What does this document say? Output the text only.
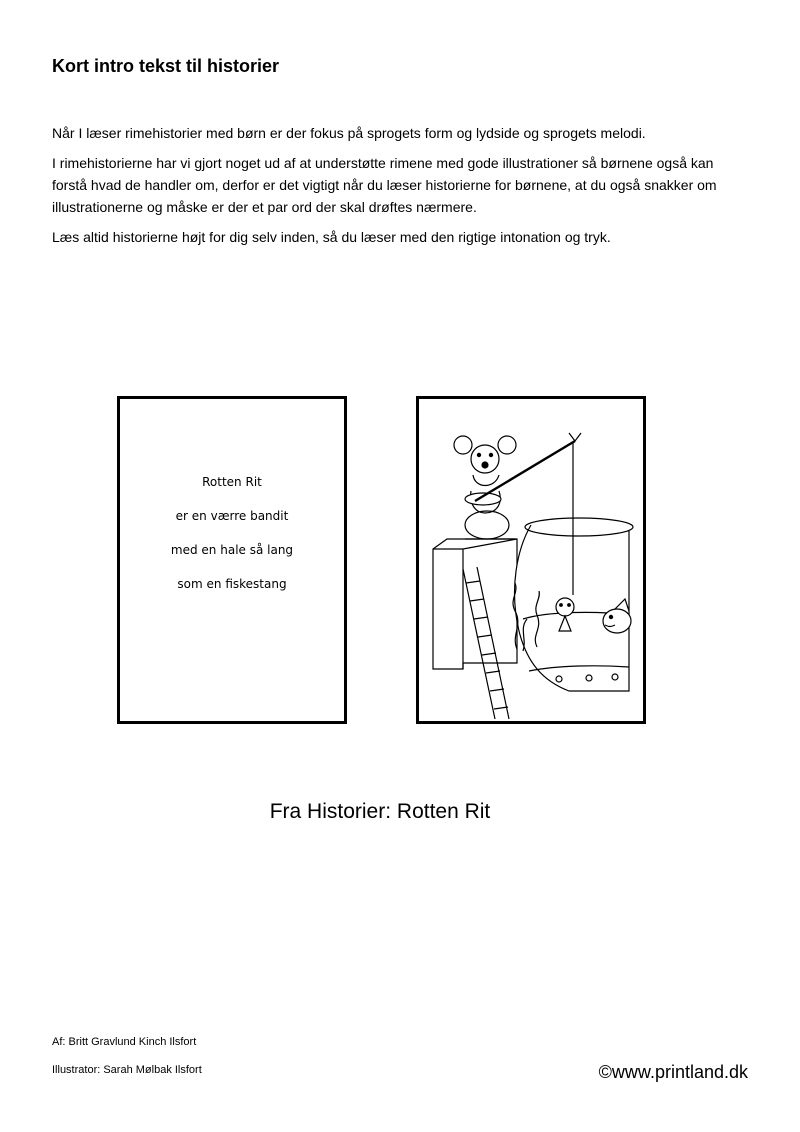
Kort intro tekst til historier

Når I læser rimehistorier med børn er der fokus på sprogets form og lydside og sprogets melodi.

I rimehistorierne har vi gjort noget ud af at understøtte rimene med gode illustrationer så børnene også kan forstå hvad de handler om, derfor er det vigtigt når du læser historierne for børnene, at du også snakker om illustrationerne og måske er der et par ord der skal drøftes nærmere.

Læs altid historierne højt for dig selv inden, så du læser med den rigtige intonation og tryk.

Rotten Rit
er en værre bandit
med en hale så lang
som en fiskestang
Fra Historier: Rotten Rit
Af: Britt Gravlund Kinch Ilsfort
Illustrator: Sarah Mølbak Ilsfort	©www.printland.dk
